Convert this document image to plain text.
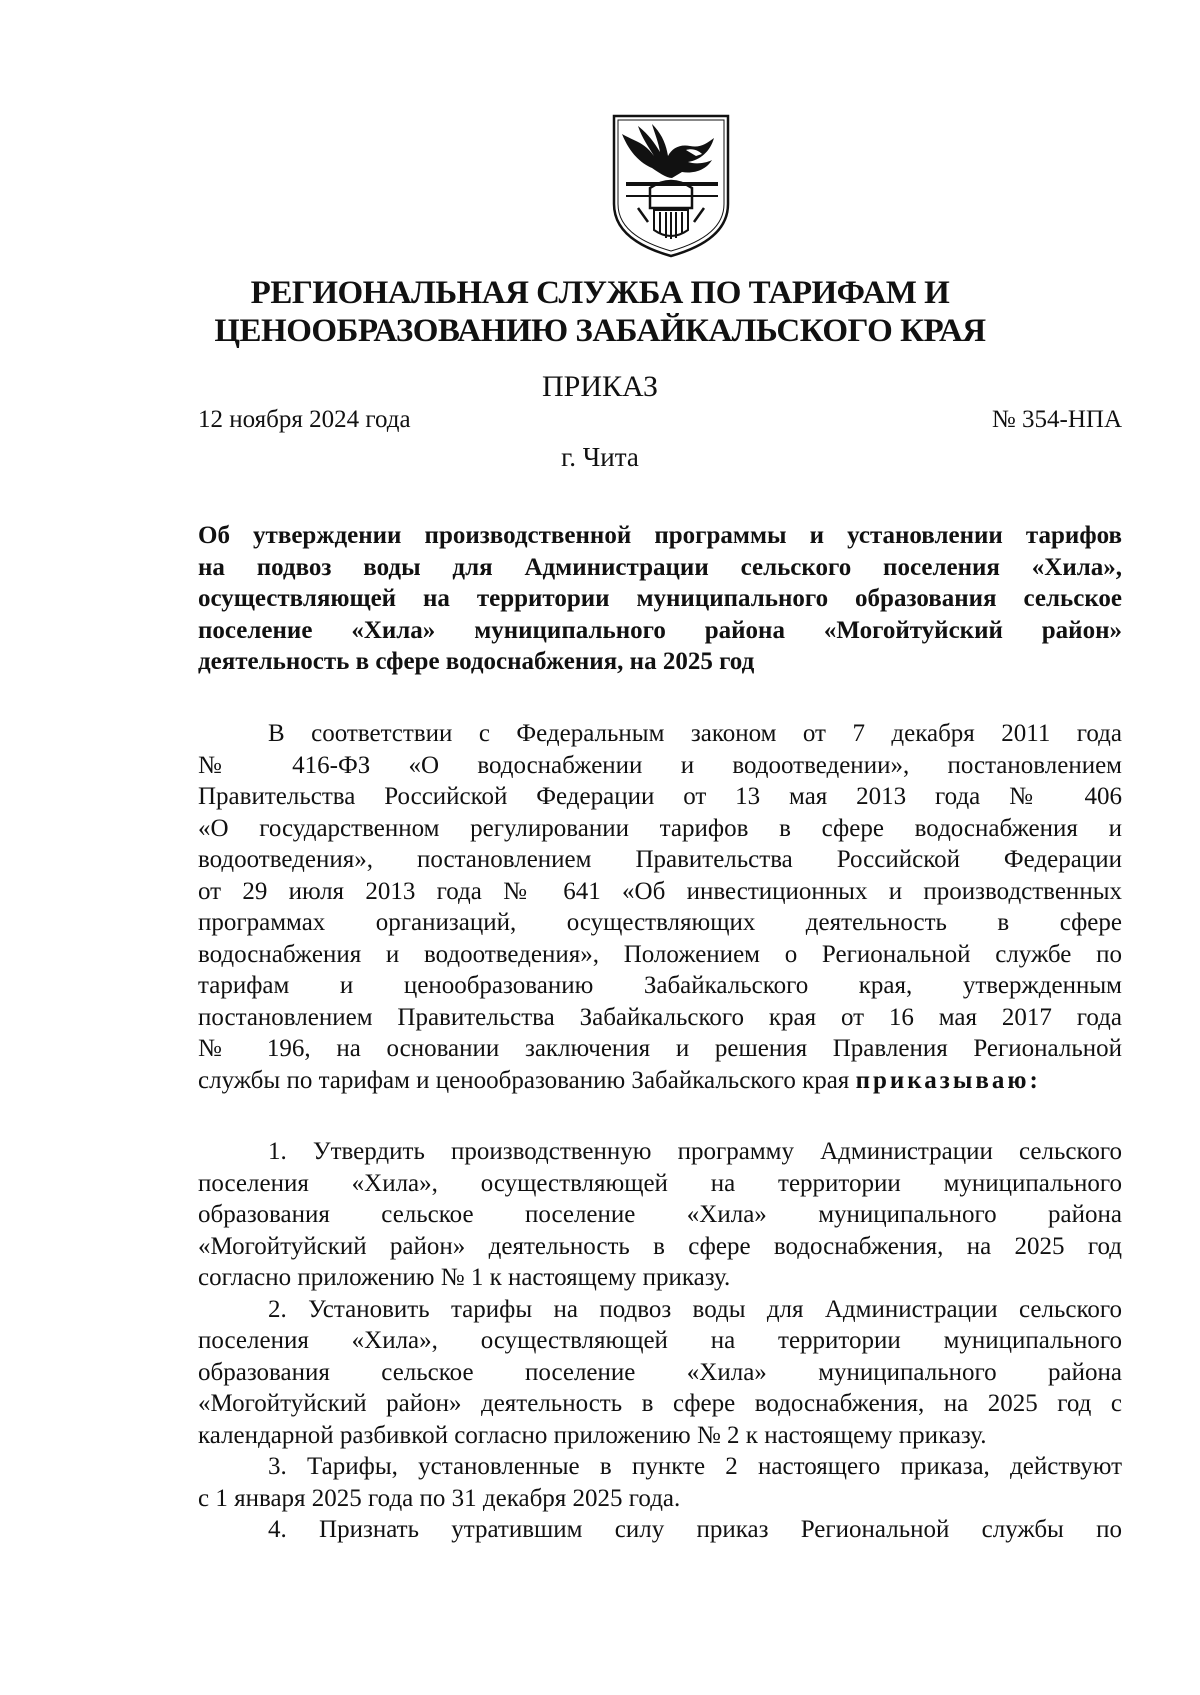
РЕГИОНАЛЬНАЯ СЛУЖБА ПО ТАРИФАМ И
ЦЕНООБРАЗОВАНИЮ ЗАБАЙКАЛЬСКОГО КРАЯ
ПРИКАЗ
12 ноября 2024 года	№ 354-НПА
г. Чита
Об утверждении производственной программы и установлении тарифов
на подвоз воды для Администрации сельского поселения «Хила»,
осуществляющей на территории муниципального образования сельское
поселение «Хила» муниципального района «Могойтуйский район»
деятельность в сфере водоснабжения, на 2025 год
В соответствии с Федеральным законом от 7 декабря 2011 года
№ 416-ФЗ «О водоснабжении и водоотведении», постановлением
Правительства Российской Федерации от 13 мая 2013 года № 406
«О государственном регулировании тарифов в сфере водоснабжения и
водоотведения», постановлением Правительства Российской Федерации
от 29 июля 2013 года № 641 «Об инвестиционных и производственных
программах организаций, осуществляющих деятельность в сфере
водоснабжения и водоотведения», Положением о Региональной службе по
тарифам и ценообразованию Забайкальского края, утвержденным
постановлением Правительства Забайкальского края от 16 мая 2017 года
№ 196, на основании заключения и решения Правления Региональной
службы по тарифам и ценообразованию Забайкальского края приказываю:
1. Утвердить производственную программу Администрации сельского
поселения «Хила», осуществляющей на территории муниципального
образования сельское поселение «Хила» муниципального района
«Могойтуйский район» деятельность в сфере водоснабжения, на 2025 год
согласно приложению № 1 к настоящему приказу.
2. Установить тарифы на подвоз воды для Администрации сельского
поселения «Хила», осуществляющей на территории муниципального
образования сельское поселение «Хила» муниципального района
«Могойтуйский район» деятельность в сфере водоснабжения, на 2025 год с
календарной разбивкой согласно приложению № 2 к настоящему приказу.
3. Тарифы, установленные в пункте 2 настоящего приказа, действуют
с 1 января 2025 года по 31 декабря 2025 года.
4. Признать утратившим силу приказ Региональной службы по
